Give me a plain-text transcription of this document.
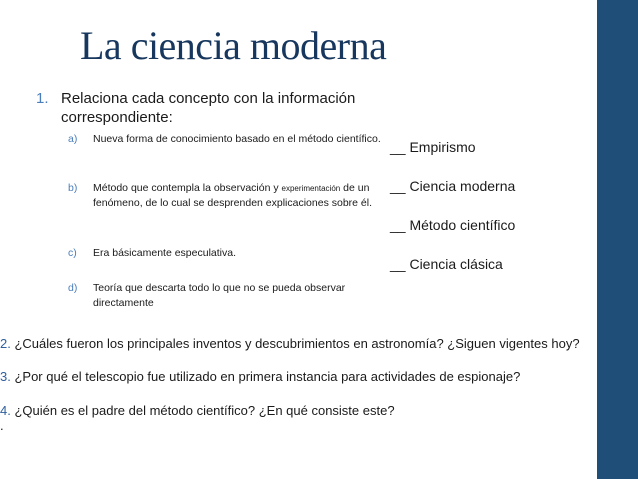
La ciencia moderna
1. Relaciona cada concepto con la información correspondiente:
a) Nueva forma de conocimiento basado en el método científico.
b) Método que contempla la observación y experimentación de un fenómeno, de lo cual se desprenden explicaciones sobre él.
c) Era básicamente especulativa.
d) Teoría que descarta todo lo que no se pueda observar directamente
__ Empirismo
__ Ciencia moderna
__ Método científico
__ Ciencia clásica
2. ¿Cuáles fueron los principales inventos y descubrimientos en astronomía? ¿Siguen vigentes hoy?
3. ¿Por qué el telescopio fue utilizado en primera instancia para actividades de espionaje?
4. ¿Quién es el padre del método científico? ¿En qué consiste este?
.
